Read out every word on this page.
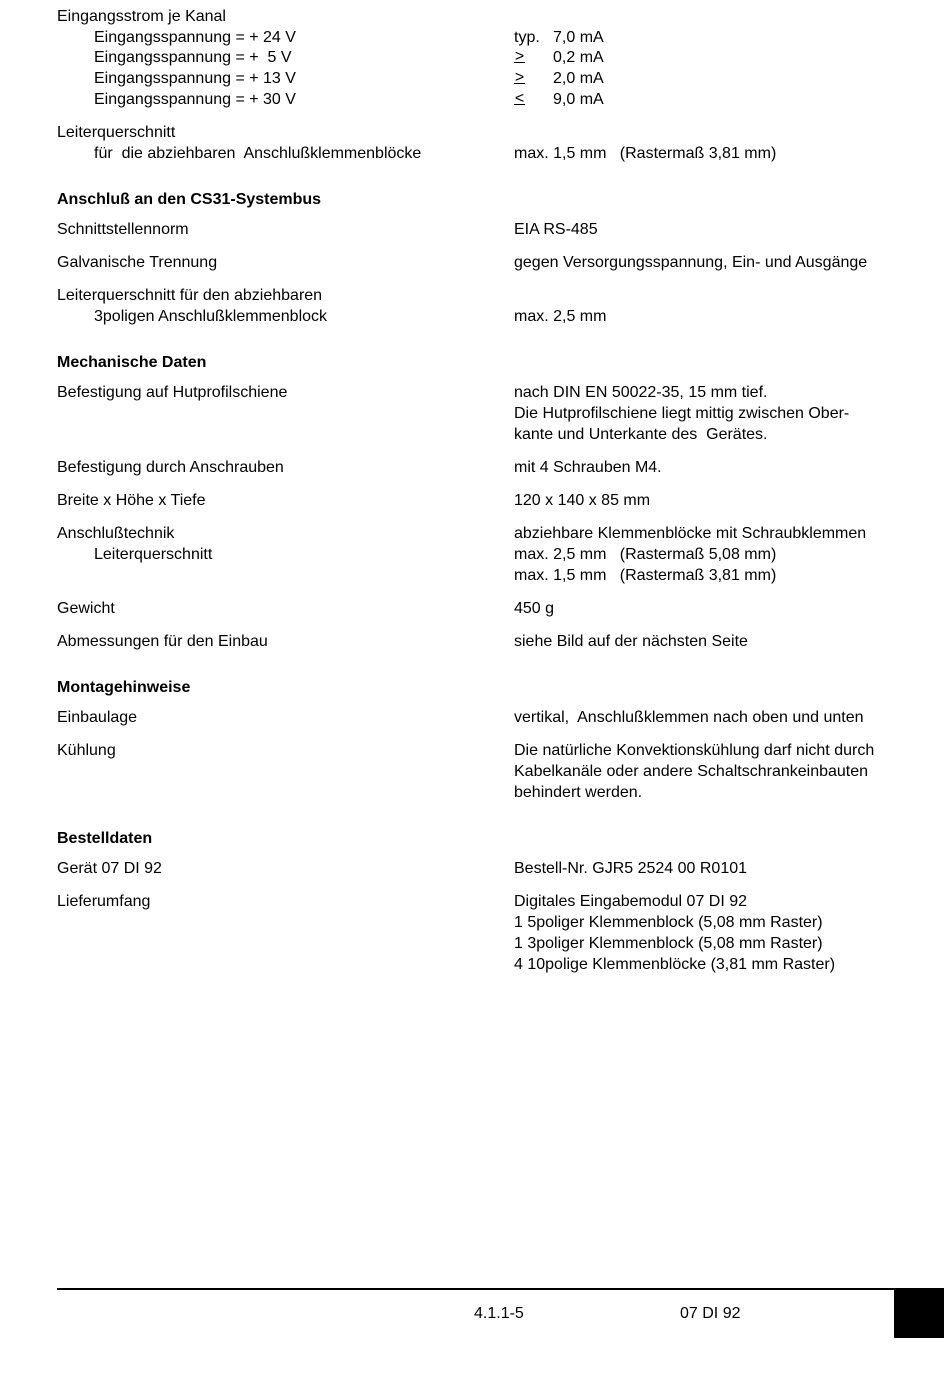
Eingangsstrom je Kanal
Eingangsspannung = + 24 V	typ. 7,0 mA
Eingangsspannung = +  5 V	> 0,2 mA
Eingangsspannung = + 13 V	> 2,0 mA
Eingangsspannung = + 30 V	< 9,0 mA
Leiterquerschnitt
für  die abziehbaren  Anschlußklemmenblöcke	max. 1,5 mm   (Rastermaß 3,81 mm)
Anschluß an den CS31-Systembus
Schnittstellennorm	EIA RS-485
Galvanische Trennung	gegen Versorgungsspannung, Ein- und Ausgänge
Leiterquerschnitt für den abziehbaren
3poligen Anschlußklemmenblock	max. 2,5 mm
Mechanische Daten
Befestigung auf Hutprofilschiene	nach DIN EN 50022-35, 15 mm tief.
Die Hutprofilschiene liegt mittig zwischen Ober-
kante und Unterkante des  Gerätes.
Befestigung durch Anschrauben	mit 4 Schrauben M4.
Breite x Höhe x Tiefe	120 x 140 x 85 mm
Anschlußtechnik	abziehbare Klemmenblöcke mit Schraubklemmen
Leiterquerschnitt	max. 2,5 mm   (Rastermaß 5,08 mm)
max. 1,5 mm   (Rastermaß 3,81 mm)
Gewicht	450 g
Abmessungen für den Einbau	siehe Bild auf der nächsten Seite
Montagehinweise
Einbaulage	vertikal,  Anschlußklemmen nach oben und unten
Kühlung	Die natürliche Konvektionskühlung darf nicht durch
Kabelkanäle oder andere Schaltschrankeinbauten
behindert werden.
Bestelldaten
Gerät 07 DI 92	Bestell-Nr. GJR5 2524 00 R0101
Lieferumfang	Digitales Eingabemodul 07 DI 92
1 5poliger Klemmenblock (5,08 mm Raster)
1 3poliger Klemmenblock (5,08 mm Raster)
4 10polige Klemmenblöcke (3,81 mm Raster)
4.1.1-5	07 DI 92
